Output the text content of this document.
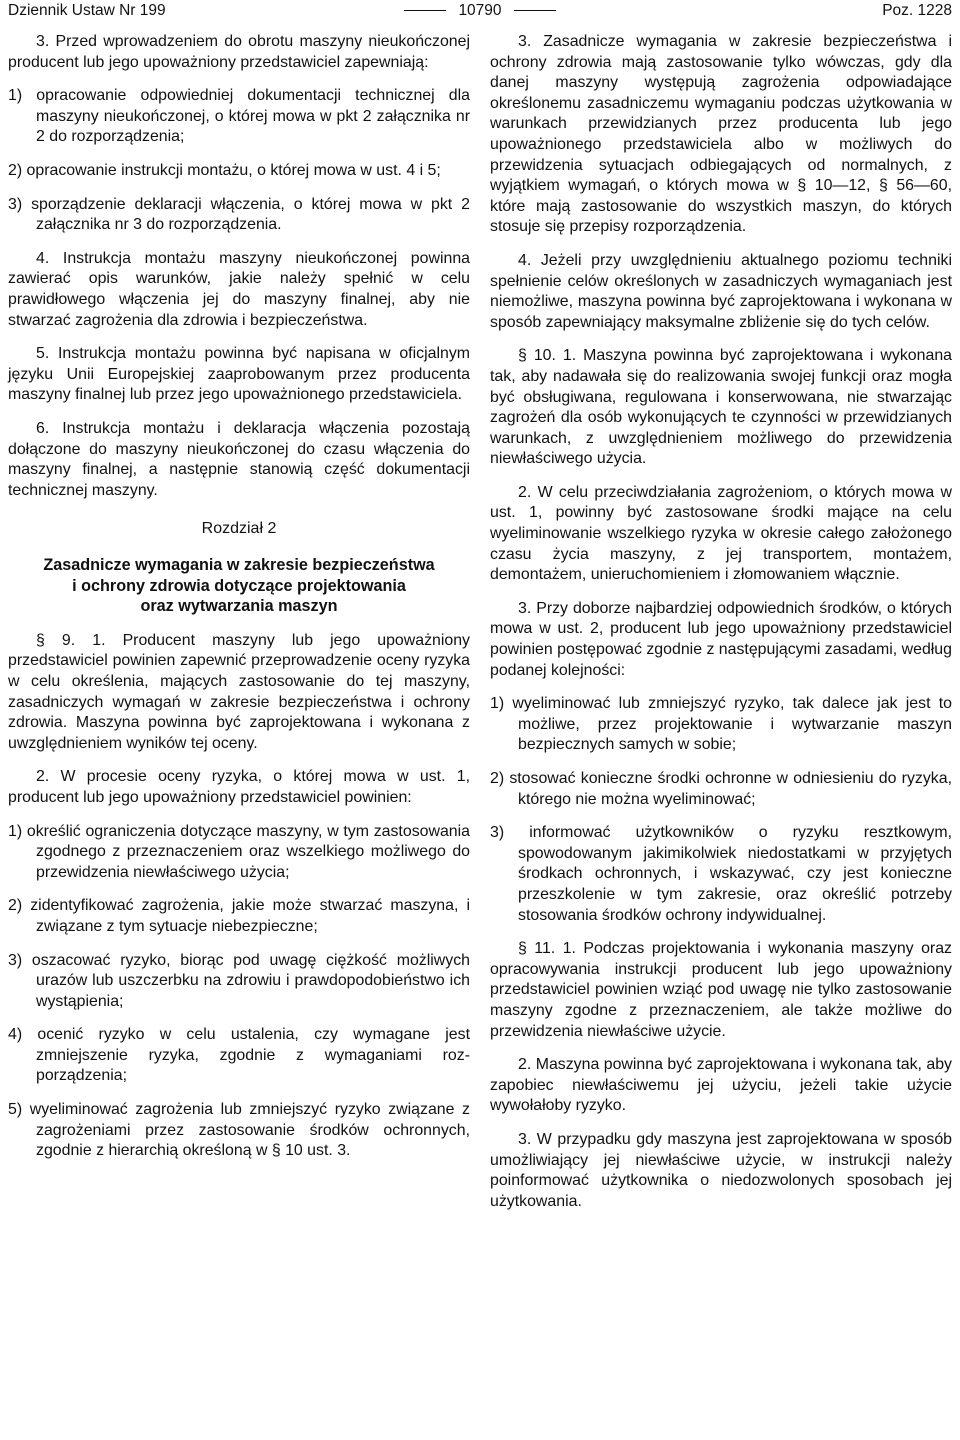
Dziennik Ustaw Nr 199	10790	Poz. 1228

3. Przed wprowadzeniem do obrotu maszyny nieukończonej producent lub jego upoważniony przedstawiciel zapewniają:

1) opracowanie odpowiedniej dokumentacji technicznej dla maszyny nieukończonej, o której mowa w pkt 2 załącznika nr 2 do rozporządzenia;

2) opracowanie instrukcji montażu, o której mowa w ust. 4 i 5;

3) sporządzenie deklaracji włączenia, o której mowa w pkt 2 załącznika nr 3 do rozporządzenia.

4. Instrukcja montażu maszyny nieukończonej powinna zawierać opis warunków, jakie należy spełnić w celu prawidłowego włączenia jej do maszyny finalnej, aby nie stwarzać zagrożenia dla zdrowia i bezpieczeństwa.

5. Instrukcja montażu powinna być napisana w oficjalnym języku Unii Europejskiej zaaprobowanym przez producenta maszyny finalnej lub przez jego upoważnionego przedstawiciela.

6. Instrukcja montażu i deklaracja włączenia pozostają dołączone do maszyny nieukończonej do czasu włączenia do maszyny finalnej, a następnie stanowią część dokumentacji technicznej maszyny.

Rozdział 2

Zasadnicze wymagania w zakresie bezpieczeństwa
i ochrony zdrowia dotyczące projektowania
oraz wytwarzania maszyn

§ 9. 1. Producent maszyny lub jego upoważniony przedstawiciel powinien zapewnić przeprowadzenie oceny ryzyka w celu określenia, mających zastosowanie do tej maszyny, zasadniczych wymagań w zakresie bezpieczeństwa i ochrony zdrowia. Maszyna powinna być zaprojektowana i wykonana z uwzględnieniem wyników tej oceny.

2. W procesie oceny ryzyka, o której mowa w ust. 1, producent lub jego upoważniony przedstawiciel powinien:

1) określić ograniczenia dotyczące maszyny, w tym zastosowania zgodnego z przeznaczeniem oraz wszelkiego możliwego do przewidzenia niewłaściwego użycia;

2) zidentyfikować zagrożenia, jakie może stwarzać maszyna, i związane z tym sytuacje niebezpieczne;

3) oszacować ryzyko, biorąc pod uwagę ciężkość możliwych urazów lub uszczerbku na zdrowiu i prawdopodobieństwo ich wystąpienia;

4) ocenić ryzyko w celu ustalenia, czy wymagane jest zmniejszenie ryzyka, zgodnie z wymaganiami rozporządzenia;

5) wyeliminować zagrożenia lub zmniejszyć ryzyko związane z zagrożeniami przez zastosowanie środków ochronnych, zgodnie z hierarchią określoną w § 10 ust. 3.

3. Zasadnicze wymagania w zakresie bezpieczeństwa i ochrony zdrowia mają zastosowanie tylko wówczas, gdy dla danej maszyny występują zagrożenia odpowiadające określonemu zasadniczemu wymaganiu podczas użytkowania w warunkach przewidzianych przez producenta lub jego upoważnionego przedstawiciela albo w możliwych do przewidzenia sytuacjach odbiegających od normalnych, z wyjątkiem wymagań, o których mowa w § 10—12, § 56—60, które mają zastosowanie do wszystkich maszyn, do których stosuje się przepisy rozporządzenia.

4. Jeżeli przy uwzględnieniu aktualnego poziomu techniki spełnienie celów określonych w zasadniczych wymaganiach jest niemożliwe, maszyna powinna być zaprojektowana i wykonana w sposób zapewniający maksymalne zbliżenie się do tych celów.

§ 10. 1. Maszyna powinna być zaprojektowana i wykonana tak, aby nadawała się do realizowania swojej funkcji oraz mogła być obsługiwana, regulowana i konserwowana, nie stwarzając zagrożeń dla osób wykonujących te czynności w przewidzianych warunkach, z uwzględnieniem możliwego do przewidzenia niewłaściwego użycia.

2. W celu przeciwdziałania zagrożeniom, o których mowa w ust. 1, powinny być zastosowane środki mające na celu wyeliminowanie wszelkiego ryzyka w okresie całego założonego czasu życia maszyny, z jej transportem, montażem, demontażem, unieruchomieniem i złomowaniem włącznie.

3. Przy doborze najbardziej odpowiednich środków, o których mowa w ust. 2, producent lub jego upoważniony przedstawiciel powinien postępować zgodnie z następującymi zasadami, według podanej kolejności:

1) wyeliminować lub zmniejszyć ryzyko, tak dalece jak jest to możliwe, przez projektowanie i wytwarzanie maszyn bezpiecznych samych w sobie;

2) stosować konieczne środki ochronne w odniesieniu do ryzyka, którego nie można wyeliminować;

3) informować użytkowników o ryzyku resztkowym, spowodowanym jakimikolwiek niedostatkami w przyjętych środkach ochronnych, i wskazywać, czy jest konieczne przeszkolenie w tym zakresie, oraz określić potrzeby stosowania środków ochrony indywidualnej.

§ 11. 1. Podczas projektowania i wykonania maszyny oraz opracowywania instrukcji producent lub jego upoważniony przedstawiciel powinien wziąć pod uwagę nie tylko zastosowanie maszyny zgodne z przeznaczeniem, ale także możliwe do przewidzenia niewłaściwe użycie.

2. Maszyna powinna być zaprojektowana i wykonana tak, aby zapobiec niewłaściwemu jej użyciu, jeżeli takie użycie wywołałoby ryzyko.

3. W przypadku gdy maszyna jest zaprojektowana w sposób umożliwiający jej niewłaściwe użycie, w instrukcji należy poinformować użytkownika o niedozwolonych sposobach jej użytkowania.
